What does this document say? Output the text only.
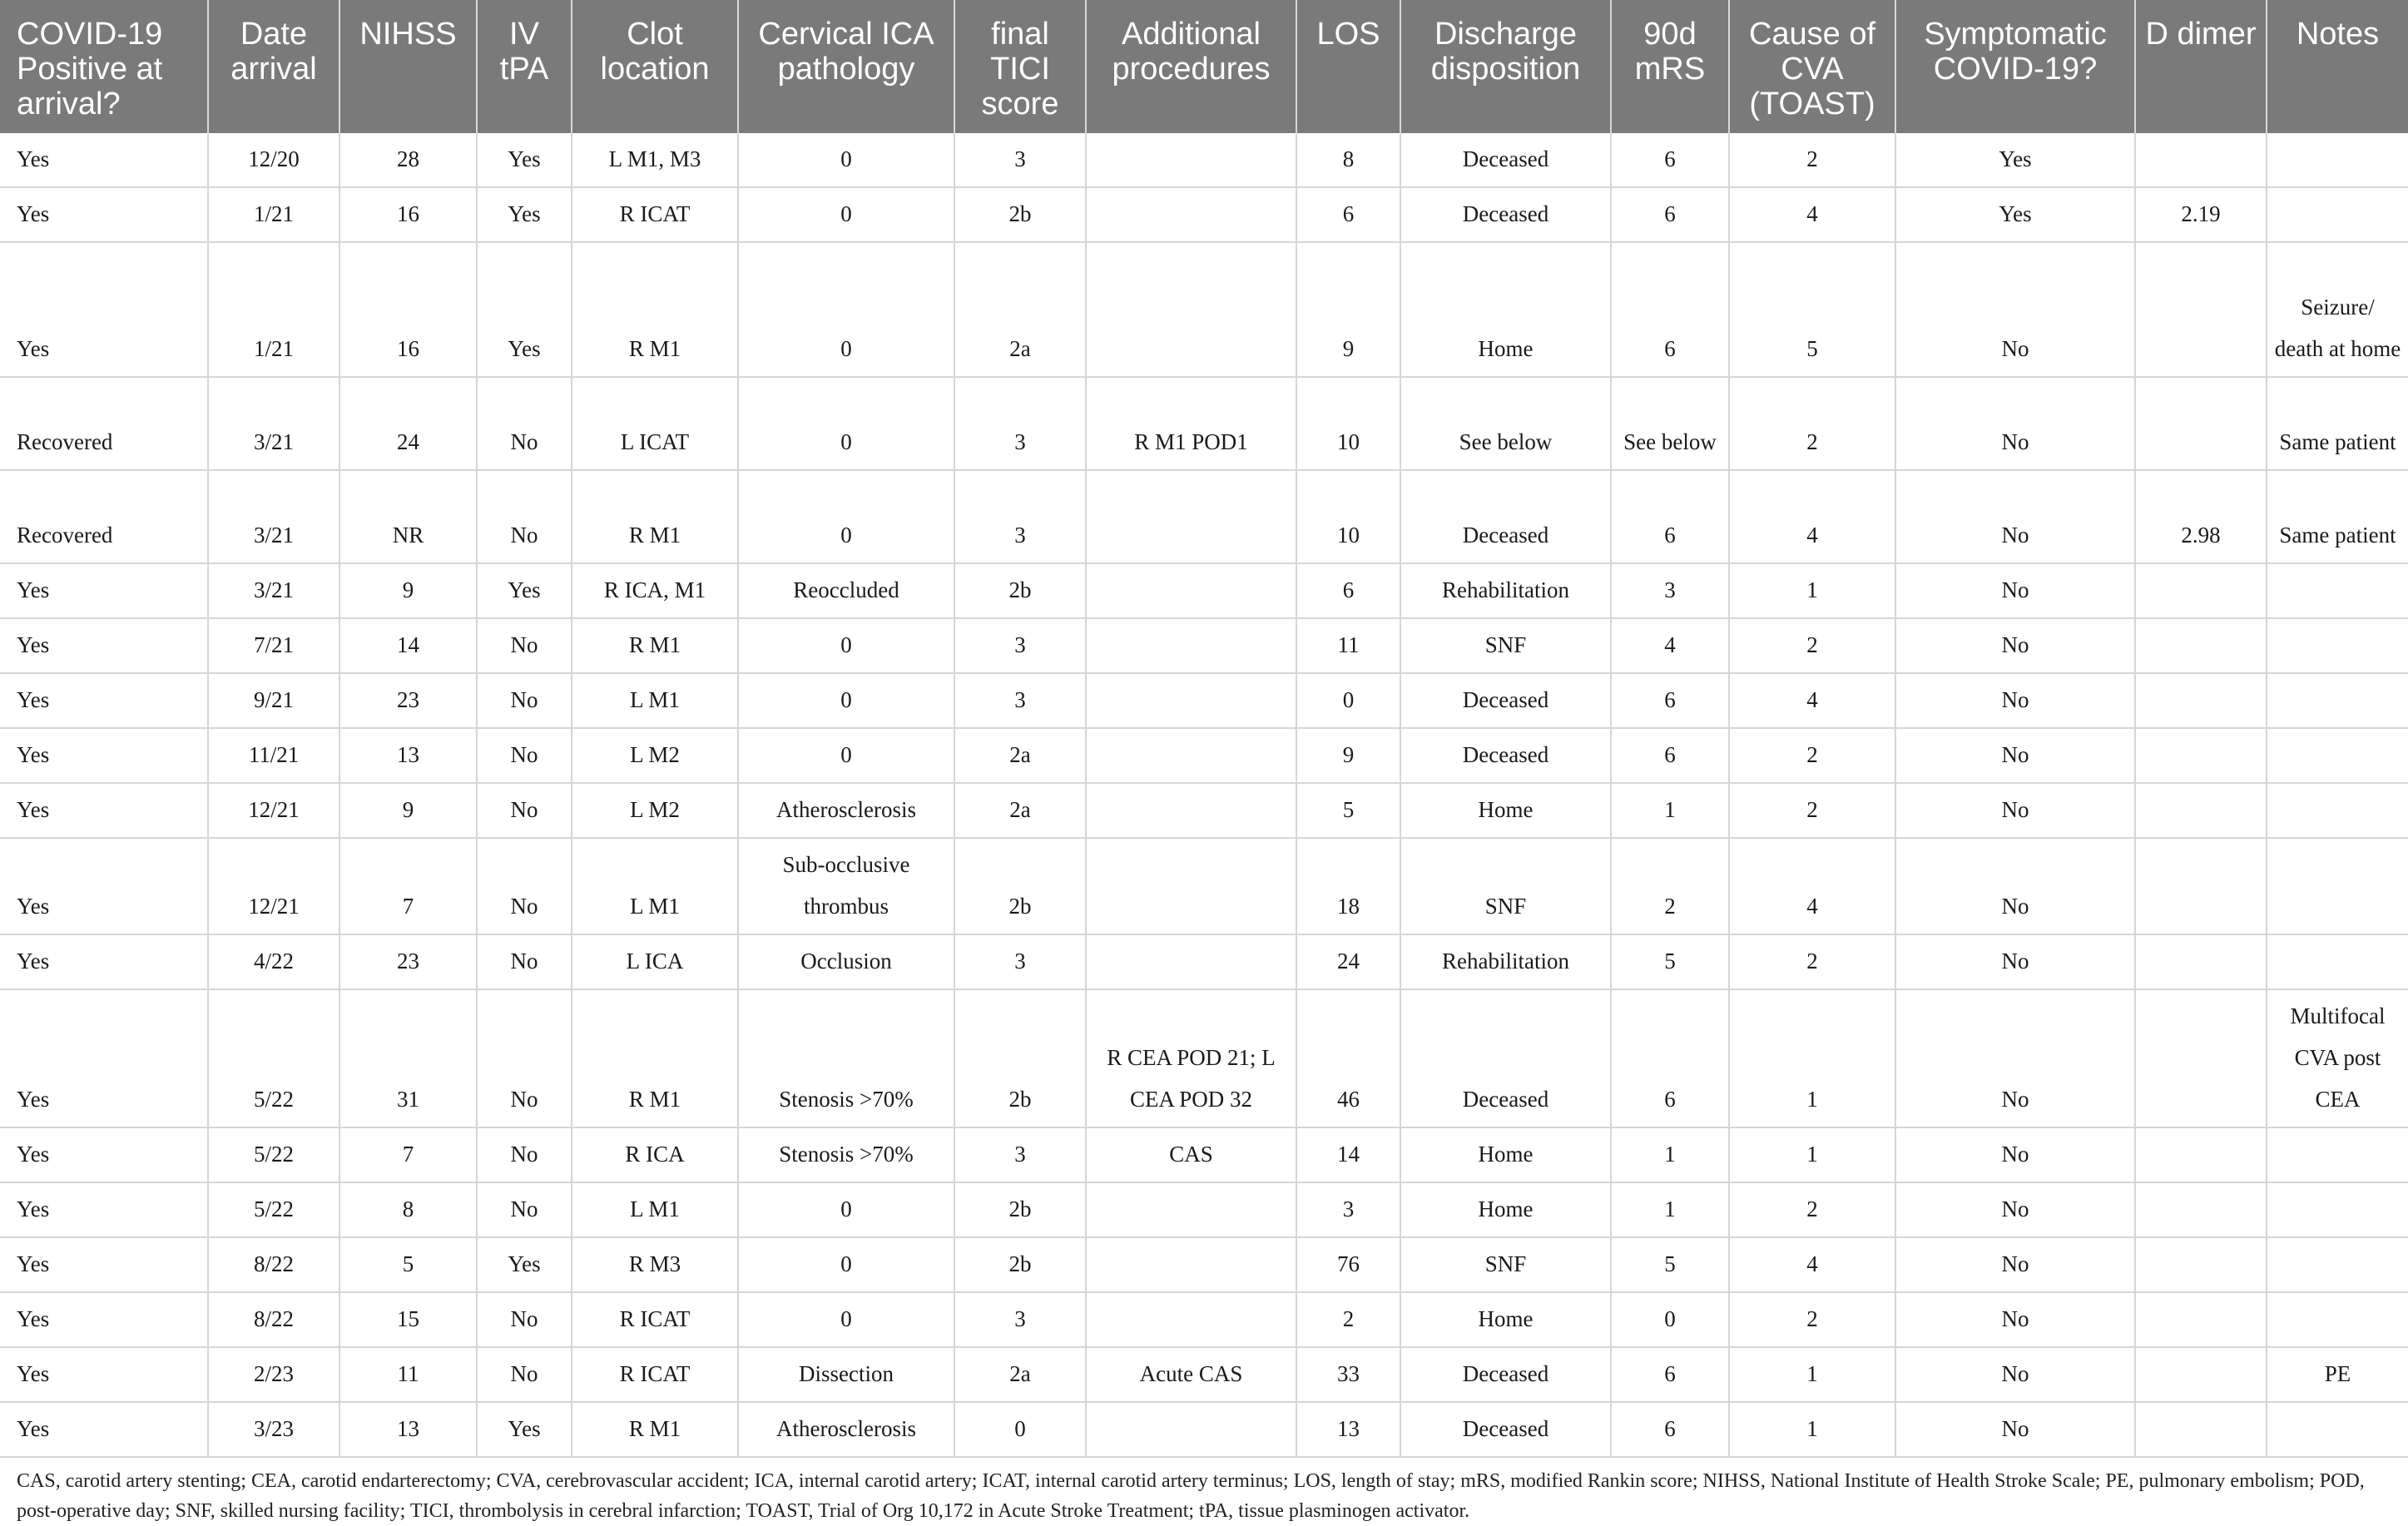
COVID-19 Positive at arrival?	Date arrival	NIHSS	IV tPA	Clot location	Cervical ICA pathology	final TICI score	Additional procedures	LOS	Discharge disposition	90d mRS	Cause of CVA (TOAST)	Symptomatic COVID-19?	D dimer	Notes
Yes	12/20	28	Yes	L M1, M3	0	3		8	Deceased	6	2	Yes		
Yes	1/21	16	Yes	R ICAT	0	2b		6	Deceased	6	4	Yes	2.19	
Yes	1/21	16	Yes	R M1	0	2a		9	Home	6	5	No		Seizure/ death at home
Recovered	3/21	24	No	L ICAT	0	3	R M1 POD1	10	See below	See below	2	No		Same patient
Recovered	3/21	NR	No	R M1	0	3		10	Deceased	6	4	No	2.98	Same patient
Yes	3/21	9	Yes	R ICA, M1	Reoccluded	2b		6	Rehabilitation	3	1	No		
Yes	7/21	14	No	R M1	0	3		11	SNF	4	2	No		
Yes	9/21	23	No	L M1	0	3		0	Deceased	6	4	No		
Yes	11/21	13	No	L M2	0	2a		9	Deceased	6	2	No		
Yes	12/21	9	No	L M2	Atherosclerosis	2a		5	Home	1	2	No		
Yes	12/21	7	No	L M1	Sub-occlusive thrombus	2b		18	SNF	2	4	No		
Yes	4/22	23	No	L ICA	Occlusion	3		24	Rehabilitation	5	2	No		
Yes	5/22	31	No	R M1	Stenosis >70%	2b	R CEA POD 21; L CEA POD 32	46	Deceased	6	1	No		Multifocal CVA post CEA
Yes	5/22	7	No	R ICA	Stenosis >70%	3	CAS	14	Home	1	1	No		
Yes	5/22	8	No	L M1	0	2b		3	Home	1	2	No		
Yes	8/22	5	Yes	R M3	0	2b		76	SNF	5	4	No		
Yes	8/22	15	No	R ICAT	0	3		2	Home	0	2	No		
Yes	2/23	11	No	R ICAT	Dissection	2a	Acute CAS	33	Deceased	6	1	No		PE
Yes	3/23	13	Yes	R M1	Atherosclerosis	0		13	Deceased	6	1	No		
CAS, carotid artery stenting; CEA, carotid endarterectomy; CVA, cerebrovascular accident; ICA, internal carotid artery; ICAT, internal carotid artery terminus; LOS, length of stay; mRS, modified Rankin score; NIHSS, National Institute of Health Stroke Scale; PE, pulmonary embolism; POD, post-operative day; SNF, skilled nursing facility; TICI, thrombolysis in cerebral infarction; TOAST, Trial of Org 10,172 in Acute Stroke Treatment; tPA, tissue plasminogen activator.
